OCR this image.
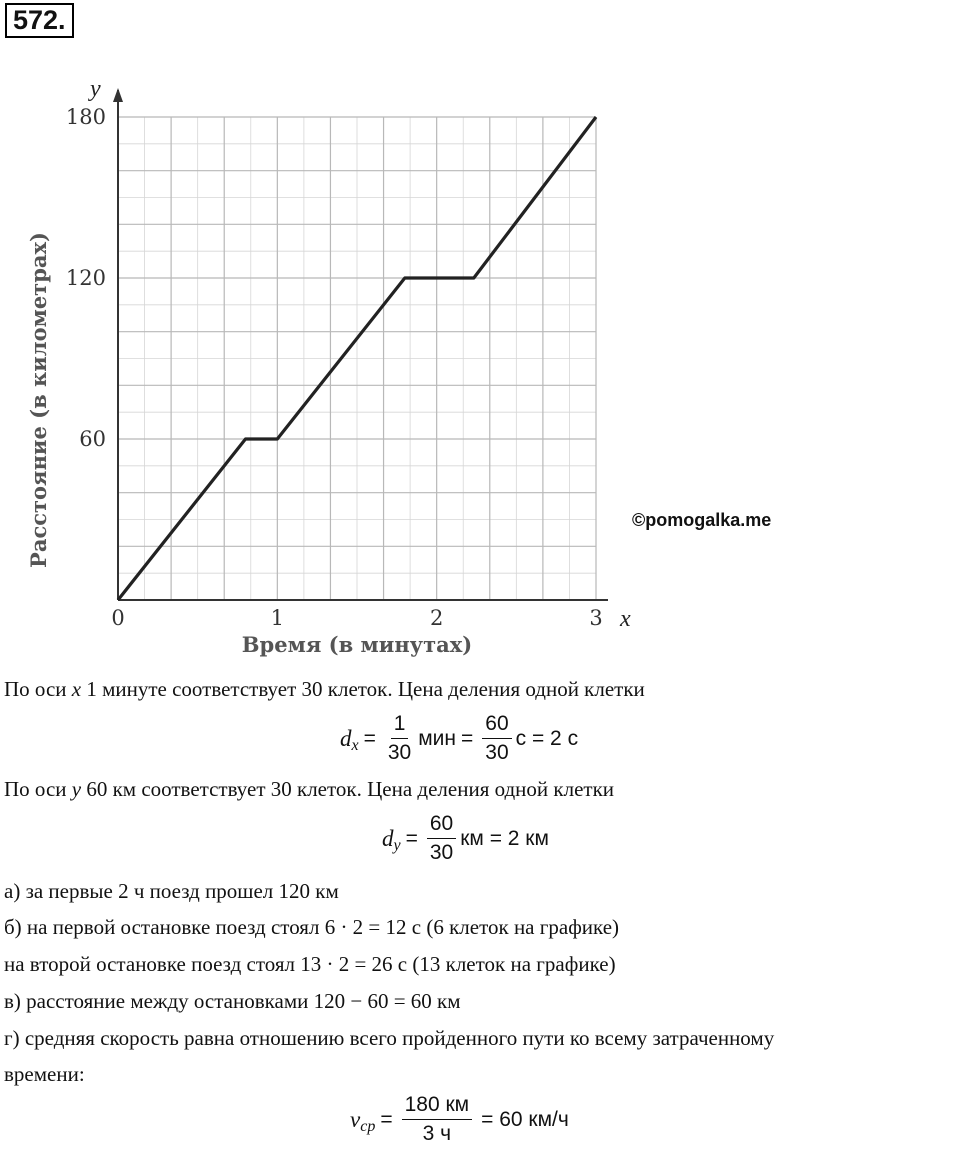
572.
0	1	2	3
60
120
180
y
x
Время (в минутах)
Расстояние (в километрах)	©pomogalka.me
По оси x 1 минуте соответствует 30 клеток. Цена деления одной клетки
d $x = \frac{1}{30}$ мин = $\frac{60}{30}$ с = 2 с
По оси y 60 км соответствует 30 клеток. Цена деления одной клетки
d $y = \frac{60}{30}$ км = 2 км
а) за первые 2 ч поезд прошел 120 км
б) на первой остановке поезд стоял 6 · 2 = 12 с (6 клеток на графике)
на второй остановке поезд стоял 13 · 2 = 26 с (13 клеток на графике)
в) расстояние между остановками 120 − 60 = 60 км
г) средняя скорость равна отношению всего пройденного пути ко всему затраченному
времени:
v cp = $\frac{180 км}{3 ч} = 60$ км/ч
